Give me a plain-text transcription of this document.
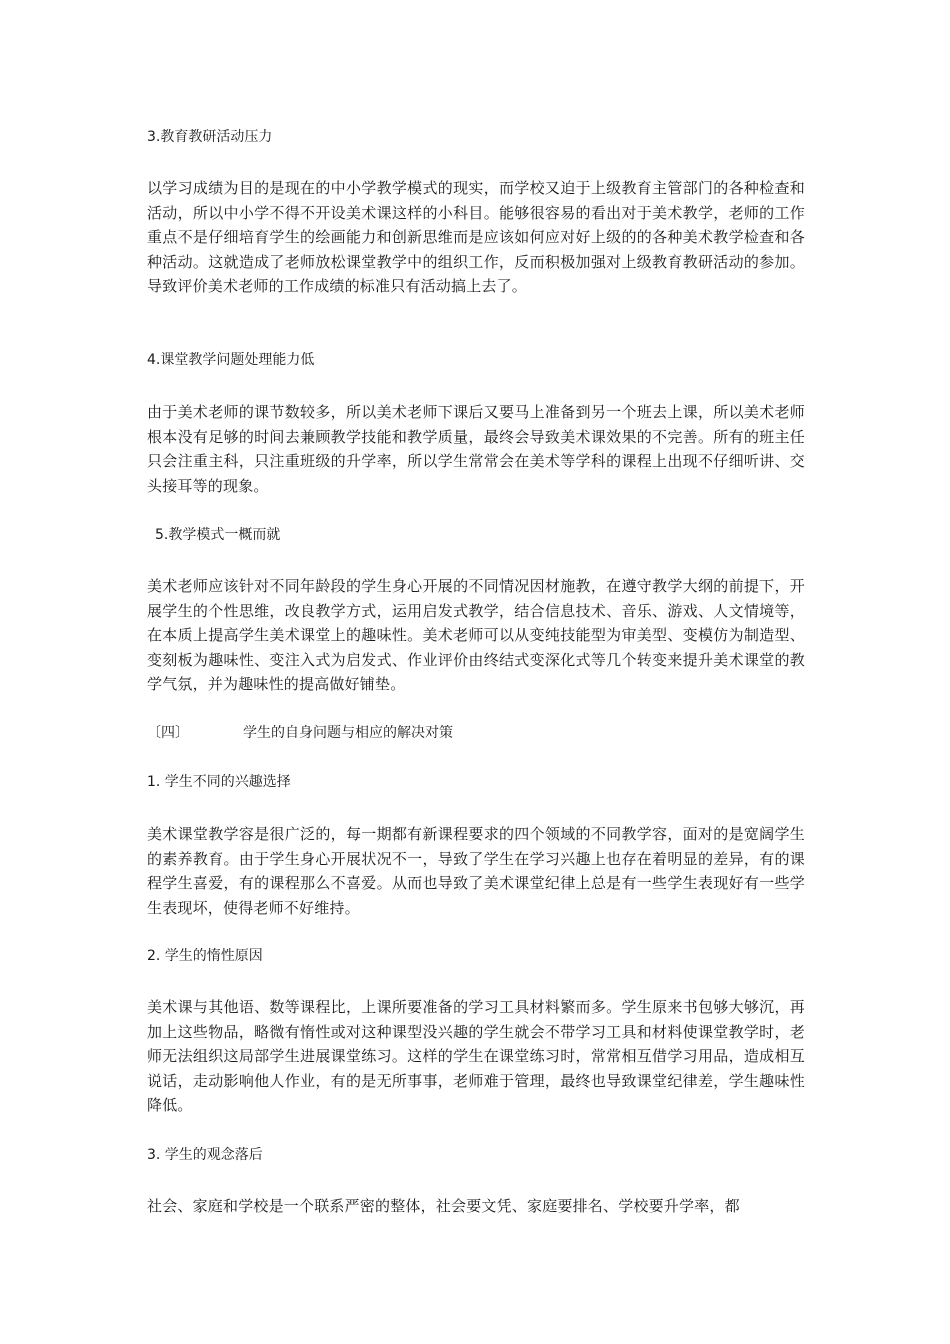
3.教育教研活动压力

以学习成绩为目的是现在的中小学教学模式的现实，而学校又迫于上级教育主管部门的各种检查和活动，所以中小学不得不开设美术课这样的小科目。能够很容易的看出对于美术教学，老师的工作重点不是仔细培育学生的绘画能力和创新思维而是应该如何应对好上级的的各种美术教学检查和各种活动。这就造成了老师放松课堂教学中的组织工作，反而积极加强对上级教育教研活动的参加。导致评价美术老师的工作成绩的标准只有活动搞上去了。

4.课堂教学问题处理能力低

由于美术老师的课节数较多，所以美术老师下课后又要马上准备到另一个班去上课，所以美术老师根本没有足够的时间去兼顾教学技能和教学质量，最终会导致美术课效果的不完善。所有的班主任只会注重主科，只注重班级的升学率，所以学生常常会在美术等学科的课程上出现不仔细听讲、交头接耳等的现象。

5.教学模式一概而就

美术老师应该针对不同年龄段的学生身心开展的不同情况因材施教，在遵守教学大纲的前提下，开展学生的个性思维，改良教学方式，运用启发式教学，结合信息技术、音乐、游戏、人文情境等，在本质上提高学生美术课堂上的趣味性。美术老师可以从变纯技能型为审美型、变模仿为制造型、变刻板为趣味性、变注入式为启发式、作业评价由终结式变深化式等几个转变来提升美术课堂的教学气氛，并为趣味性的提高做好铺垫。

〔四〕	学生的自身问题与相应的解决对策
1. 学生不同的兴趣选择

美术课堂教学容是很广泛的，每一期都有新课程要求的四个领域的不同教学容，面对的是宽阔学生的素养教育。由于学生身心开展状况不一，导致了学生在学习兴趣上也存在着明显的差异，有的课程学生喜爱，有的课程那么不喜爱。从而也导致了美术课堂纪律上总是有一些学生表现好有一些学生表现坏，使得老师不好维持。

2. 学生的惰性原因

美术课与其他语、数等课程比，上课所要准备的学习工具材料繁而多。学生原来书包够大够沉，再加上这些物品，略微有惰性或对这种课型没兴趣的学生就会不带学习工具和材料使课堂教学时，老师无法组织这局部学生进展课堂练习。这样的学生在课堂练习时，常常相互借学习用品，造成相互说话，走动影响他人作业，有的是无所事事，老师难于管理，最终也导致课堂纪律差，学生趣味性降低。

3. 学生的观念落后

社会、家庭和学校是一个联系严密的整体，社会要文凭、家庭要排名、学校要升学率，都
